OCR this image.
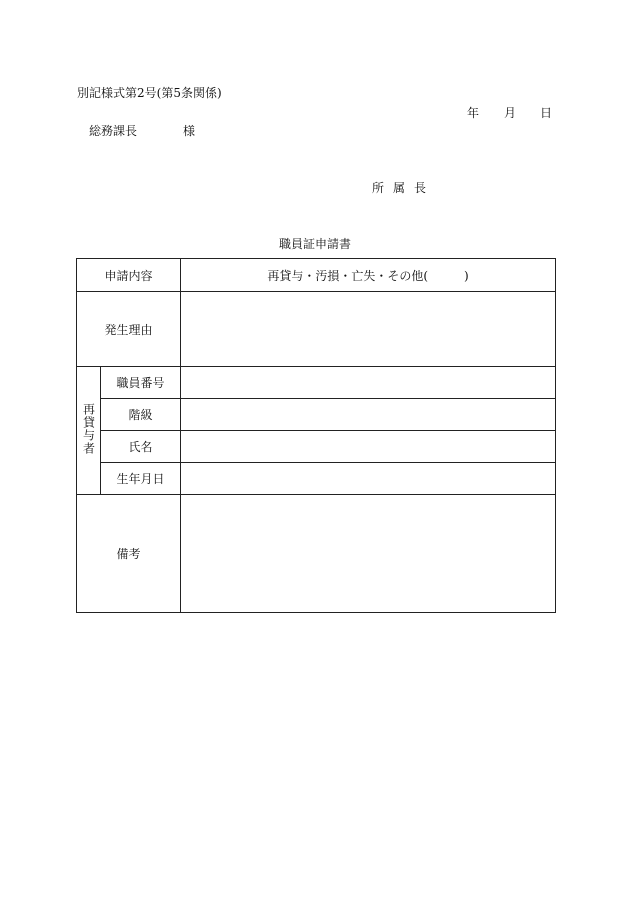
別記様式第2号(第5条関係)
年 月 日
総務課長	様
所属長
職員証申請書
申請内容		再貸与・汚損・亡失・その他(　　　)
発生理由		
再貸与者	職員番号	
	階級	
	氏名	
	生年月日	
備考		
